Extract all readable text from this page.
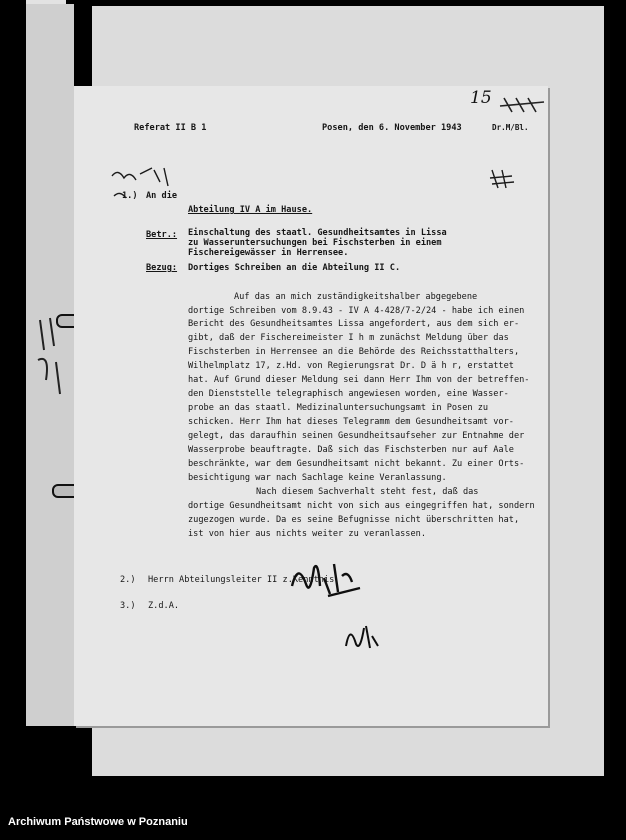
Referat II B 1	Posen, den 6. November 1943	Dr.M/Bl.
15
1.) An die
Abteilung IV A im Hause.
Betr.: Einschaltung des staatl. Gesundheitsamtes in Lissa
zu Wasseruntersuchungen bei Fischsterben in einem
Fischereigewässer in Herrensee.
Bezug: Dortiges Schreiben an die Abteilung II C.
Auf das an mich zuständigkeitshalber abgegebene
dortige Schreiben vom 8.9.43 - IV A 4-428/7-2/24 - habe ich einen
Bericht des Gesundheitsamtes Lissa angefordert, aus dem sich er-
gibt, daß der Fischereimeister I h m zunächst Meldung über das
Fischsterben in Herrensee an die Behörde des Reichsstatthalters,
Wilhelmplatz 17, z.Hd. von Regierungsrat Dr. D ä h r, erstattet
hat. Auf Grund dieser Meldung sei dann Herr Ihm von der betreffen-
den Dienststelle telegraphisch angewiesen worden, eine Wasser-
probe an das staatl. Medizinaluntersuchungsamt in Posen zu
schicken. Herr Ihm hat dieses Telegramm dem Gesundheitsamt vor-
gelegt, das daraufhin seinen Gesundheitsaufseher zur Entnahme der
Wasserprobe beauftragte. Daß sich das Fischsterben nur auf Aale
beschränkte, war dem Gesundheitsamt nicht bekannt. Zu einer Orts-
besichtigung war nach Sachlage keine Veranlassung.
Nach diesem Sachverhalt steht fest, daß das
dortige Gesundheitsamt nicht von sich aus eingegriffen hat, sondern
zugezogen wurde. Da es seine Befugnisse nicht überschritten hat,
ist von hier aus nichts weiter zu veranlassen.
2.) Herrn Abteilungsleiter II z.Kenntnis.
3.) Z.d.A.
Archiwum Państwowe w Poznaniu
